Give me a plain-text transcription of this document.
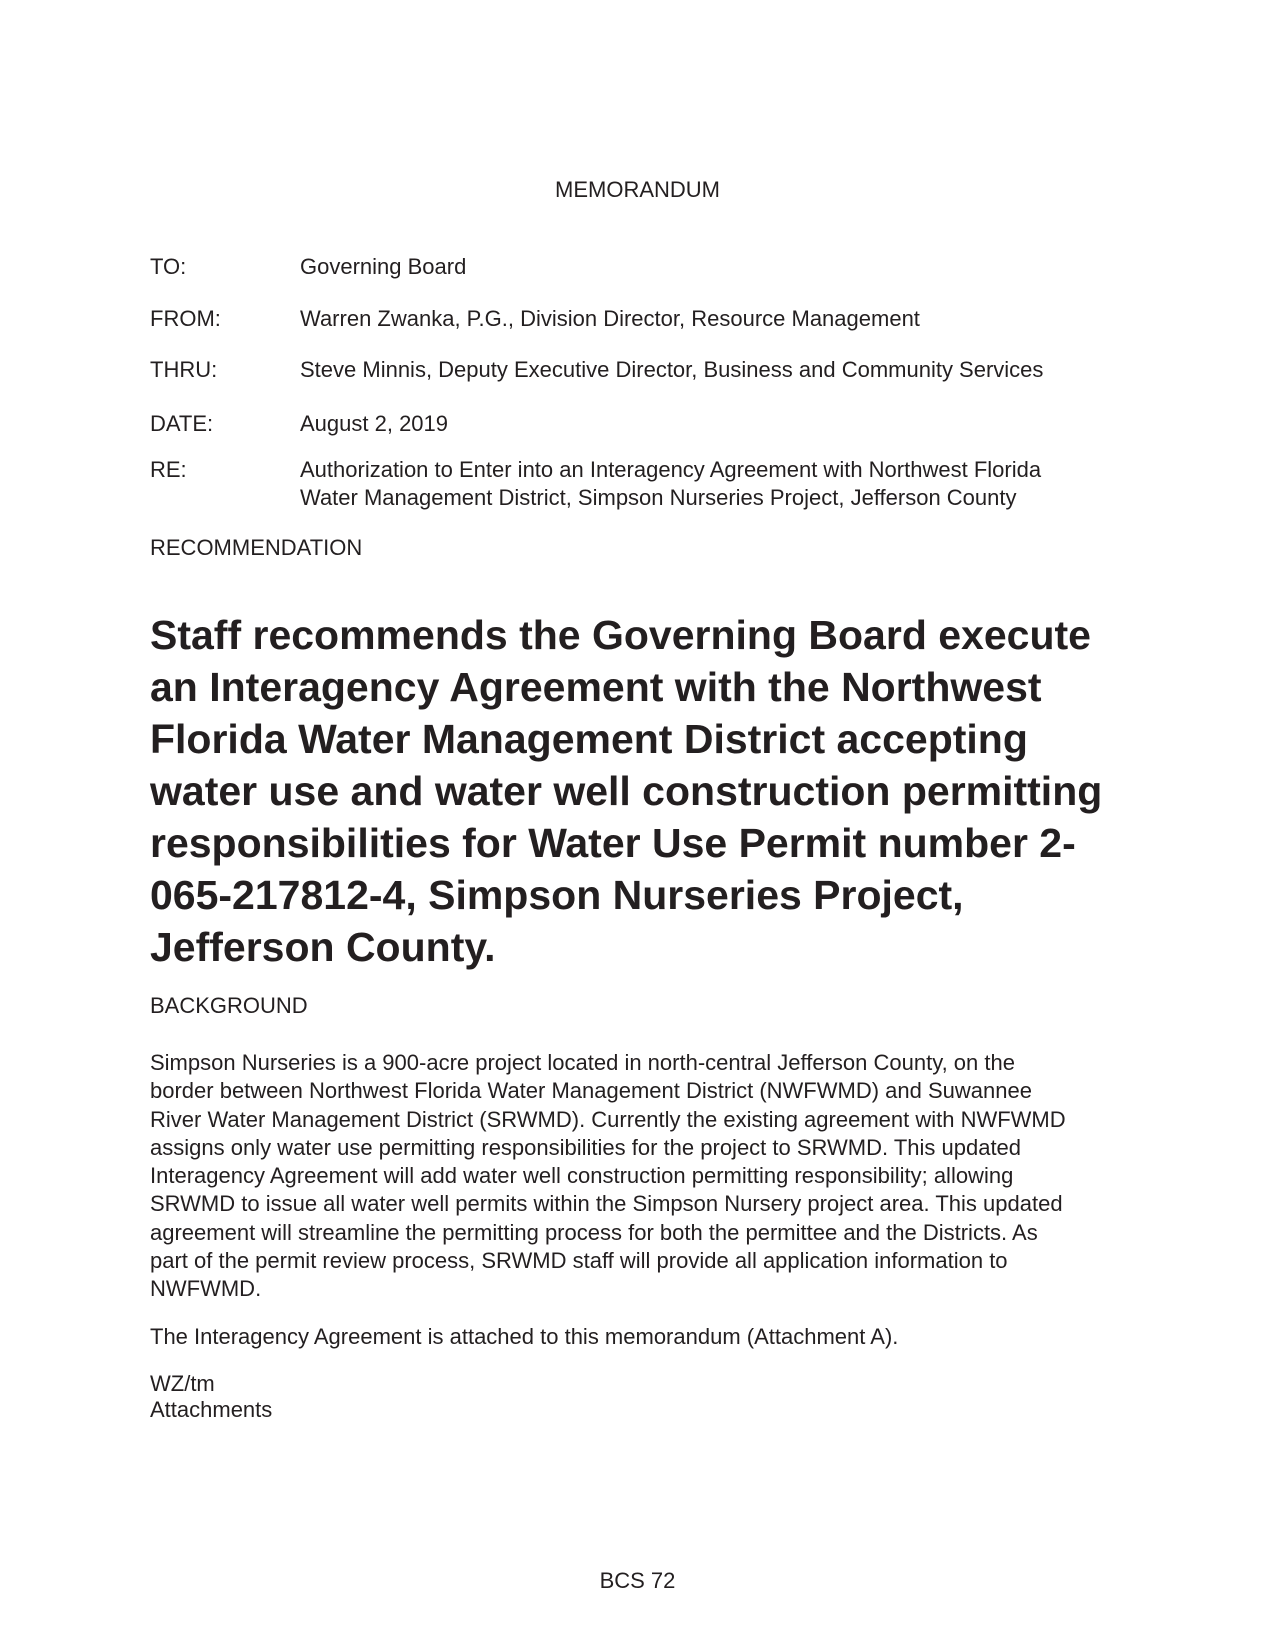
MEMORANDUM

TO:	Governing Board

FROM:	Warren Zwanka, P.G., Division Director, Resource Management

THRU:	Steve Minnis, Deputy Executive Director, Business and Community Services

DATE:	August 2, 2019

RE:	Authorization to Enter into an Interagency Agreement with Northwest Florida
Water Management District, Simpson Nurseries Project, Jefferson County

RECOMMENDATION

Staff recommends the Governing Board execute
an Interagency Agreement with the Northwest
Florida Water Management District accepting
water use and water well construction permitting
responsibilities for Water Use Permit number 2-
065-217812-4, Simpson Nurseries Project,
Jefferson County.

BACKGROUND

Simpson Nurseries is a 900-acre project located in north-central Jefferson County, on the
border between Northwest Florida Water Management District (NWFWMD) and Suwannee
River Water Management District (SRWMD). Currently the existing agreement with NWFWMD
assigns only water use permitting responsibilities for the project to SRWMD. This updated
Interagency Agreement will add water well construction permitting responsibility; allowing
SRWMD to issue all water well permits within the Simpson Nursery project area. This updated
agreement will streamline the permitting process for both the permittee and the Districts. As
part of the permit review process, SRWMD staff will provide all application information to
NWFWMD.

The Interagency Agreement is attached to this memorandum (Attachment A).

WZ/tm

Attachments

BCS 72
